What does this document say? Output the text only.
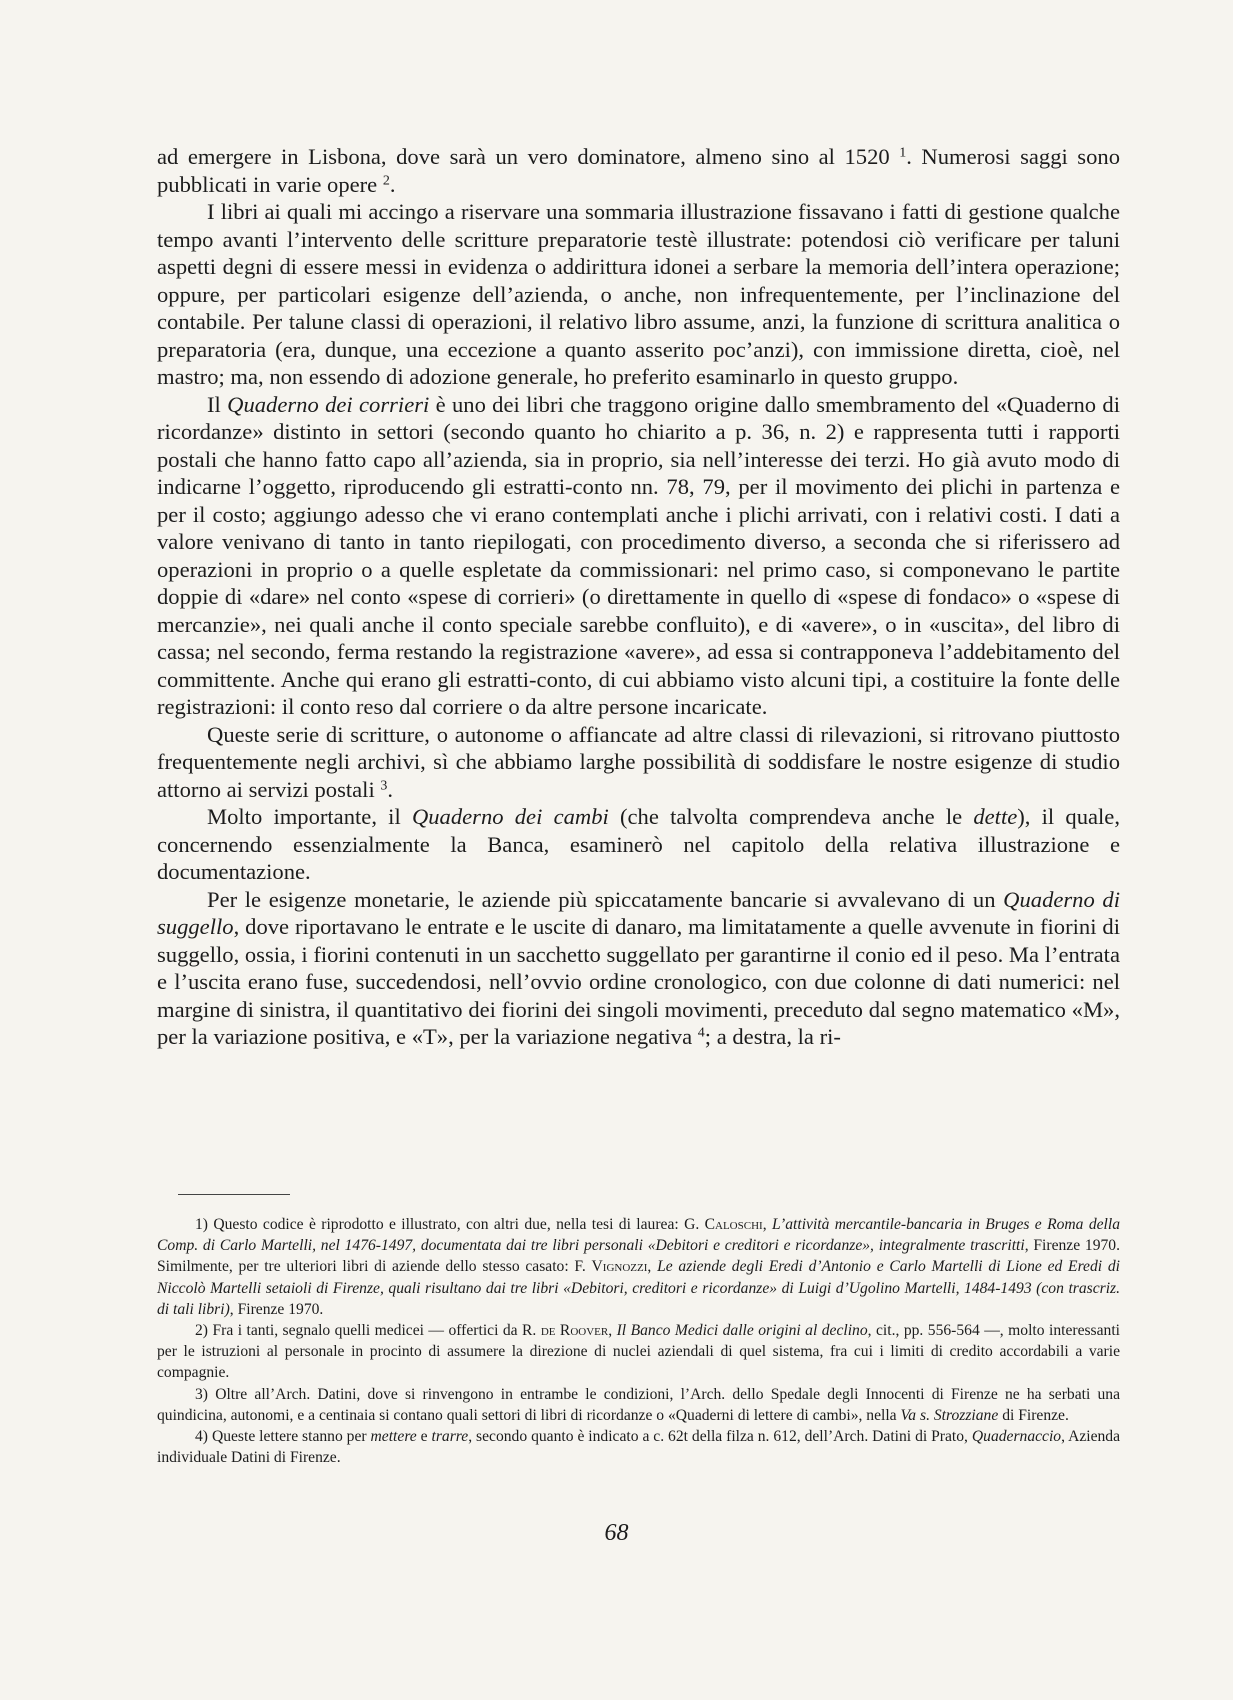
ad emergere in Lisbona, dove sarà un vero dominatore, almeno sino al 1520 $^1$. Numerosi saggi sono pubblicati in varie opere $^2$.

I libri ai quali mi accingo a riservare una sommaria illustrazione fissavano i fatti di gestione qualche tempo avanti l’intervento delle scritture preparatorie testè illustrate: potendosi ciò verificare per taluni aspetti degni di essere messi in evidenza o addirittura idonei a serbare la memoria dell’intera operazione; oppure, per particolari esigenze dell’azienda, o anche, non infrequentemente, per l’inclinazione del contabile. Per talune classi di operazioni, il relativo libro assume, anzi, la funzione di scrittura analitica o preparatoria (era, dunque, una eccezione a quanto asserito poc’anzi), con immissione diretta, cioè, nel mastro; ma, non essendo di adozione generale, ho preferito esaminarlo in questo gruppo.

Il Quaderno dei corrieri è uno dei libri che traggono origine dallo smembramento del «Quaderno di ricordanze» distinto in settori (secondo quanto ho chiarito a p. 36, n. 2) e rappresenta tutti i rapporti postali che hanno fatto capo all’azienda, sia in proprio, sia nell’interesse dei terzi. Ho già avuto modo di indicarne l’oggetto, riproducendo gli estratti-conto nn. 78, 79, per il movimento dei plichi in partenza e per il costo; aggiungo adesso che vi erano contemplati anche i plichi arrivati, con i relativi costi. I dati a valore venivano di tanto in tanto riepilogati, con procedimento diverso, a seconda che si riferissero ad operazioni in proprio o a quelle espletate da commissionari: nel primo caso, si componevano le partite doppie di «dare» nel conto «spese di corrieri» (o direttamente in quello di «spese di fondaco» o «spese di mercanzie», nei quali anche il conto speciale sarebbe confluito), e di «avere», o in «uscita», del libro di cassa; nel secondo, ferma restando la registrazione «avere», ad essa si contrapponeva l’addebitamento del committente. Anche qui erano gli estratti-conto, di cui abbiamo visto alcuni tipi, a costituire la fonte delle registrazioni: il conto reso dal corriere o da altre persone incaricate.

Queste serie di scritture, o autonome o affiancate ad altre classi di rilevazioni, si ritrovano piuttosto frequentemente negli archivi, sì che abbiamo larghe possibilità di soddisfare le nostre esigenze di studio attorno ai servizi postali $^3$.

Molto importante, il Quaderno dei cambi (che talvolta comprendeva anche le dette), il quale, concernendo essenzialmente la Banca, esaminerò nel capitolo della relativa illustrazione e documentazione.

Per le esigenze monetarie, le aziende più spiccatamente bancarie si avvalevano di un Quaderno di suggello, dove riportavano le entrate e le uscite di danaro, ma limitatamente a quelle avvenute in fiorini di suggello, ossia, i fiorini contenuti in un sacchetto suggellato per garantirne il conio ed il peso. Ma l’entrata e l’uscita erano fuse, succedendosi, nell’ovvio ordine cronologico, con due colonne di dati numerici: nel margine di sinistra, il quantitativo dei fiorini dei singoli movimenti, preceduto dal segno matematico «M», per la variazione positiva, e «T», per la variazione negativa $^4$; a destra, la ri-

1) Questo codice è riprodotto e illustrato, con altri due, nella tesi di laurea: G. Caloschi, L’attività mercantile-bancaria in Bruges e Roma della Comp. di Carlo Martelli, nel 1476-1497, documentata dai tre libri personali «Debitori e creditori e ricordanze», integralmente trascritti, Firenze 1970. Similmente, per tre ulteriori libri di aziende dello stesso casato: F. Vignozzi, Le aziende degli Eredi d’Antonio e Carlo Martelli di Lione ed Eredi di Niccolò Martelli setaioli di Firenze, quali risultano dai tre libri «Debitori, creditori e ricordanze» di Luigi d’Ugolino Martelli, 1484-1493 (con trascriz. di tali libri), Firenze 1970.

2) Fra i tanti, segnalo quelli medicei — offertici da R. de Roover, Il Banco Medici dalle origini al declino, cit., pp. 556-564 —, molto interessanti per le istruzioni al personale in procinto di assumere la direzione di nuclei aziendali di quel sistema, fra cui i limiti di credito accordabili a varie compagnie.

3) Oltre all’Arch. Datini, dove si rinvengono in entrambe le condizioni, l’Arch. dello Spedale degli Innocenti di Firenze ne ha serbati una quindicina, autonomi, e a centinaia si contano quali settori di libri di ricordanze o «Quaderni di lettere di cambi», nella Va s. Strozziane di Firenze.

4) Queste lettere stanno per mettere e trarre, secondo quanto è indicato a c. 62t della filza n. 612, dell’Arch. Datini di Prato, Quadernaccio, Azienda individuale Datini di Firenze.

68
